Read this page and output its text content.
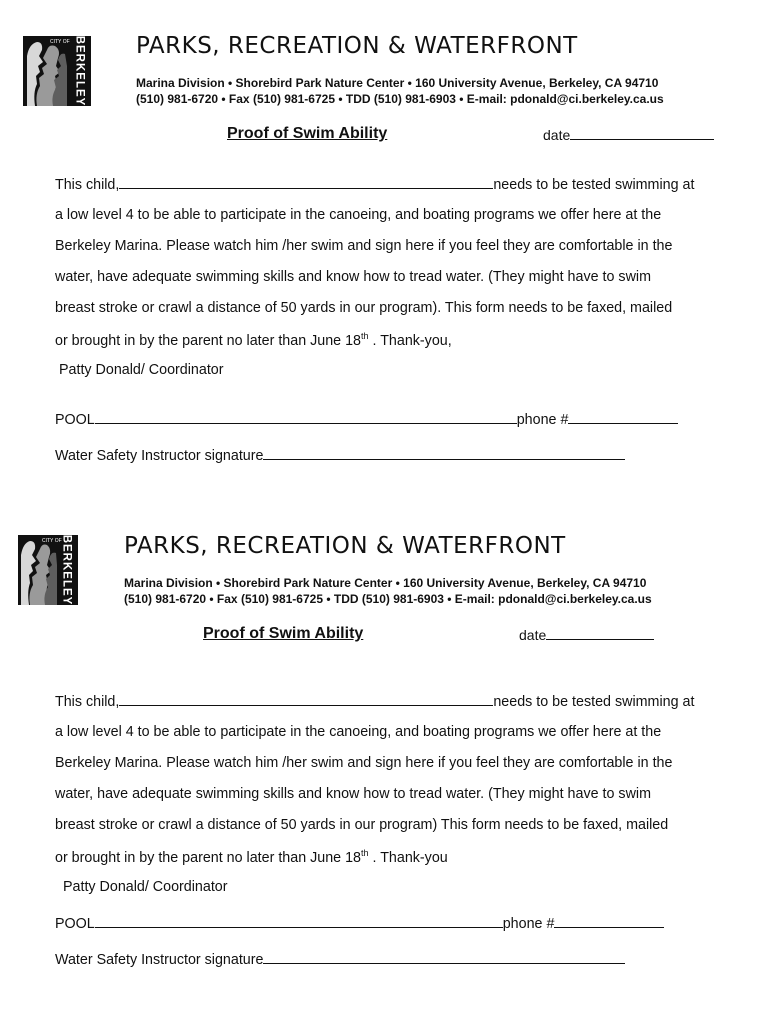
CITY OF BERKELEY PARKS, RECREATION & WATERFRONT
Marina Division • Shorebird Park Nature Center • 160 University Avenue, Berkeley, CA 94710
(510) 981-6720 • Fax (510) 981-6725 • TDD (510) 981-6903 • E-mail: pdonald@ci.berkeley.ca.us
Proof of Swim Ability	date
This child,	needs to be tested swimming at
a low level 4 to be able to participate in the canoeing, and boating programs we offer here at the
Berkeley Marina. Please watch him /her swim and sign here if you feel they are comfortable in the
water, have adequate swimming skills and know how to tread water. (They might have to swim
breast stroke or crawl a distance of 50 yards in our program). This form needs to be faxed, mailed
or brought in by the parent no later than June 18th . Thank-you,
Patty Donald/ Coordinator
POOL	phone #
Water Safety Instructor signature
CITY OF
BERKELEY PARKS, RECREATION & WATERFRONT
Marina Division • Shorebird Park Nature Center • 160 University Avenue, Berkeley, CA 94710
(510) 981-6720 • Fax (510) 981-6725 • TDD (510) 981-6903 • E-mail: pdonald@ci.berkeley.ca.us
Proof of Swim Ability	date
This child,	needs to be tested swimming at
a low level 4 to be able to participate in the canoeing, and boating programs we offer here at the
Berkeley Marina. Please watch him /her swim and sign here if you feel they are comfortable in the
water, have adequate swimming skills and know how to tread water. (They might have to swim
breast stroke or crawl a distance of 50 yards in our program) This form needs to be faxed, mailed
or brought in by the parent no later than June 18th . Thank-you
Patty Donald/ Coordinator
POOL	phone #
Water Safety Instructor signature
